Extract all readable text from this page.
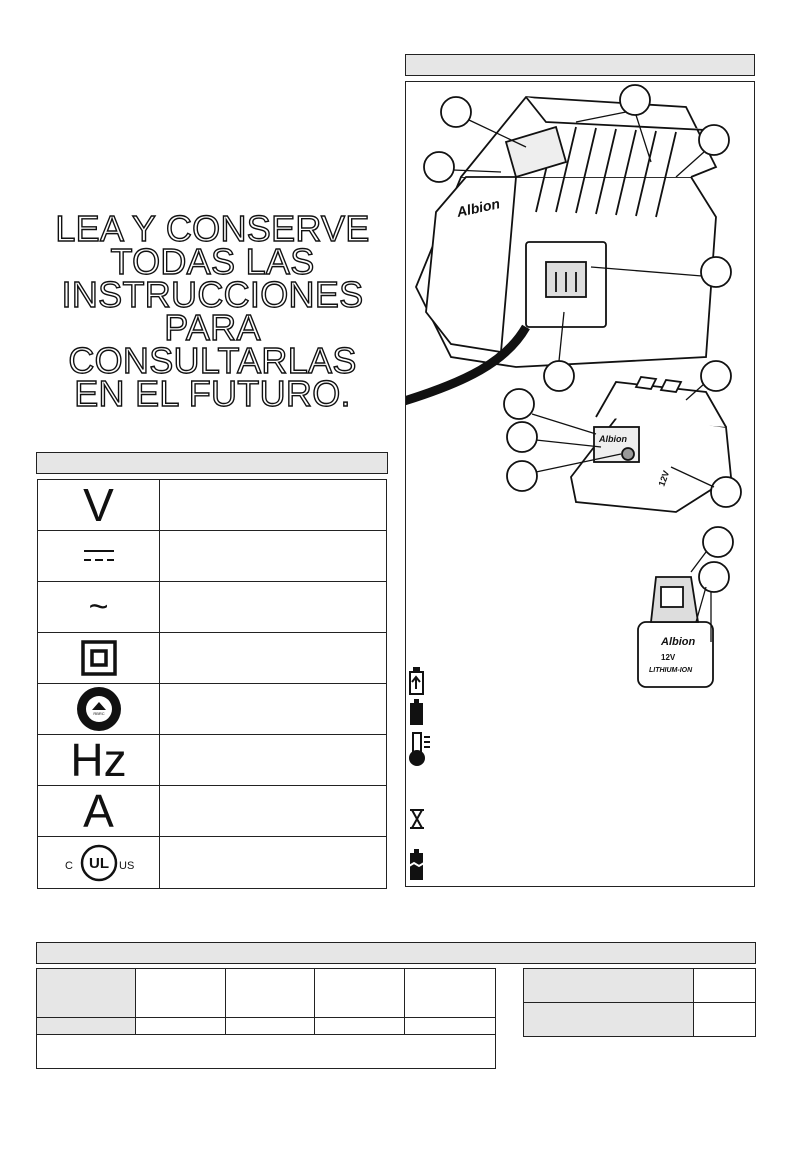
LEA Y CONSERVE
TODAS LAS
INSTRUCCIONES
PARA
CONSULTARLAS
EN EL FUTURO.
V
~
RBRC
Hz
A
C UL US
Albion
Albion
12V
Albion
12V
LITHIUM-ION
